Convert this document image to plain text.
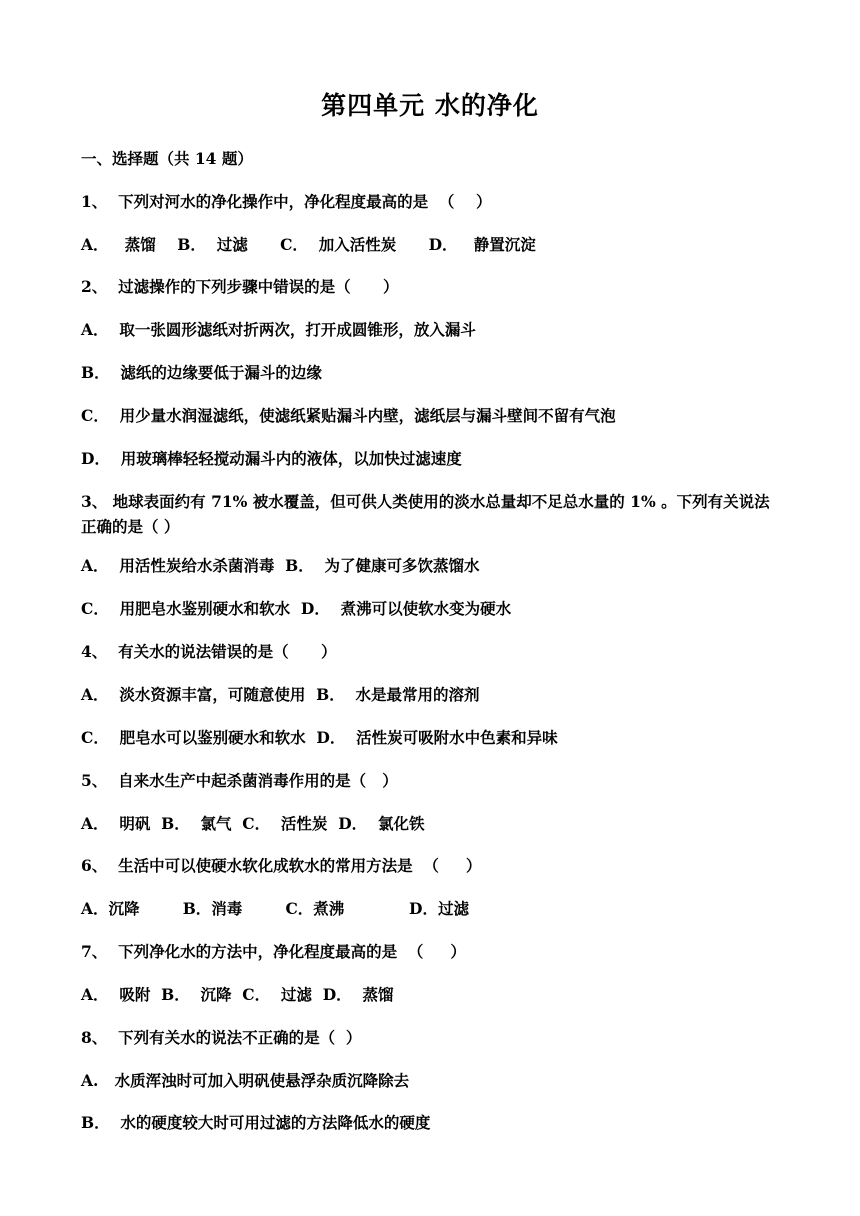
第四单元 水的净化
一、选择题（共 14 题）
1、  下列对河水的净化操作中，净化程度最高的是  （    ）
A．   蒸馏    B．  过滤      C．  加入活性炭      D．   静置沉淀
2、  过滤操作的下列步骤中错误的是（      ）
A．  取一张圆形滤纸对折两次，打开成圆锥形，放入漏斗
B．  滤纸的边缘要低于漏斗的边缘
C．  用少量水润湿滤纸，使滤纸紧贴漏斗内壁，滤纸层与漏斗壁间不留有气泡
D．  用玻璃棒轻轻搅动漏斗内的液体，以加快过滤速度
3、 地球表面约有 71% 被水覆盖，但可供人类使用的淡水总量却不足总水量的 1% 。下列有关说法正确的是（ ）
A．  用活性炭给水杀菌消毒  B．  为了健康可多饮蒸馏水
C．  用肥皂水鉴别硬水和软水  D．  煮沸可以使软水变为硬水
4、  有关水的说法错误的是（      ）
A．  淡水资源丰富，可随意使用  B．  水是最常用的溶剂
C．  肥皂水可以鉴别硬水和软水  D．  活性炭可吸附水中色素和异味
5、  自来水生产中起杀菌消毒作用的是（   ）
A．  明矾  B．  氯气  C．  活性炭  D．  氯化铁
6、  生活中可以使硬水软化成软水的常用方法是  （     ）
A．沉降        B．消毒        C．煮沸            D．过滤
7、  下列净化水的方法中，净化程度最高的是  （     ）
A．  吸附  B．  沉降  C．  过滤  D．  蒸馏
8、  下列有关水的说法不正确的是（  ）
A.   水质浑浊时可加入明矾使悬浮杂质沉降除去
B．  水的硬度较大时可用过滤的方法降低水的硬度
